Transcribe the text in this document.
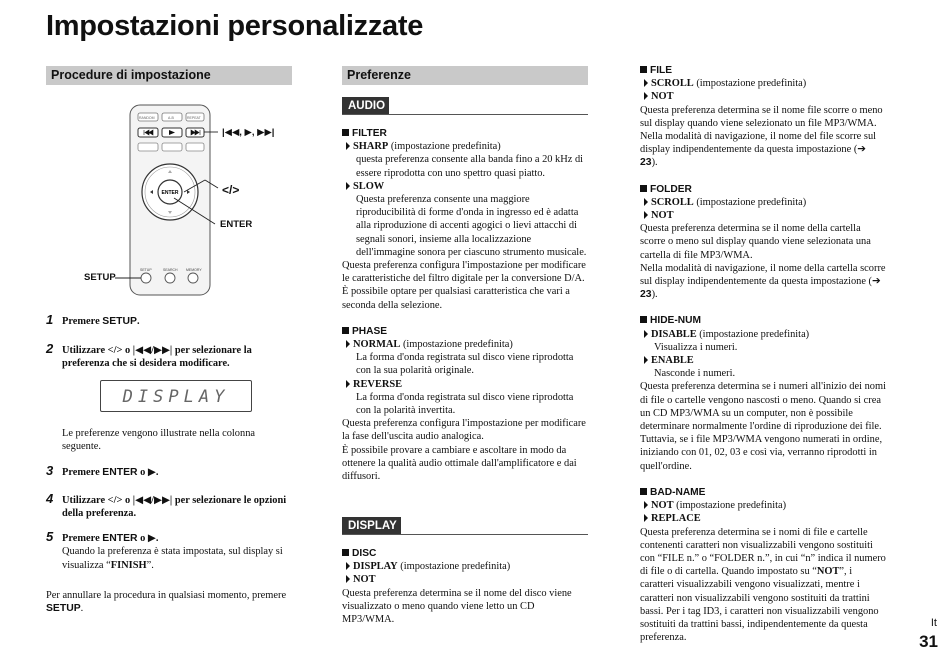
Impostazioni personalizzate
Procedure di impostazione
RANDOM	A-B	REPEAT
ENTER
SETUP	SEARCH MEMORY
|◀◀, ▶, ▶▶|
</>
ENTER
SETUP
1 Premere SETUP.
2 Utilizzare </> o |◀◀/▶▶| per selezionare la preferenza che si desidera modificare.
DISPLAY
Le preferenze vengono illustrate nella colonna seguente.
3 Premere ENTER o ▶.
4 Utilizzare </> o |◀◀/▶▶| per selezionare le opzioni della preferenza.
5 Premere ENTER o ▶.
Quando la preferenza è stata impostata, sul display si visualizza “FINISH”.
Per annullare la procedura in qualsiasi momento, premere SETUP.
Preferenze
AUDIO
FILTER
SHARP (impostazione predefinita)

questa preferenza consente alla banda fino a 20 kHz di essere riprodotta con uno spettro quasi piatto.

SLOW

Questa preferenza consente una maggiore riproducibilità di forme d'onda in ingresso ed è adatta alla riproduzione di accenti agogici o lievi attacchi di segnali sonori, insieme alla localizzazione dell'immagine sonora per ciascuno strumento musicale.

Questa preferenza configura l'impostazione per modificare le caratteristiche del filtro digitale per la conversione D/A. È possibile optare per qualsiasi caratteristica che vari a seconda della selezione.

PHASE
NORMAL (impostazione predefinita)

La forma d'onda registrata sul disco viene riprodotta con la sua polarità originale.

REVERSE

La forma d'onda registrata sul disco viene riprodotta con la polarità invertita.

Questa preferenza configura l'impostazione per modificare la fase dell'uscita audio analogica.

È possibile provare a cambiare e ascoltare in modo da ottenere la qualità audio ottimale dall'amplificatore e dai diffusori.

DISPLAY
DISC
DISPLAY (impostazione predefinita)
NOT

Questa preferenza determina se il nome del disco viene visualizzato o meno quando viene letto un CD MP3/WMA.

FILE
SCROLL (impostazione predefinita)
NOT

Questa preferenza determina se il nome file scorre o meno sul display quando viene selezionato un file MP3/WMA.

Nella modalità di navigazione, il nome del file scorre sul display indipendentemente da questa impostazione (➔ 23).

FOLDER
SCROLL (impostazione predefinita)
NOT

Questa preferenza determina se il nome della cartella scorre o meno sul display quando viene selezionata una cartella di file MP3/WMA.

Nella modalità di navigazione, il nome della cartella scorre sul display indipendentemente da questa impostazione (➔ 23).

HIDE-NUM
DISABLE (impostazione predefinita)

Visualizza i numeri.

ENABLE

Nasconde i numeri.

Questa preferenza determina se i numeri all'inizio dei nomi di file o cartelle vengono nascosti o meno. Quando si crea un CD MP3/WMA su un computer, non è possibile determinare normalmente l'ordine di riproduzione dei file. Tuttavia, se i file MP3/WMA vengono numerati in ordine, iniziando con 01, 02, 03 e così via, verranno riprodotti in quell'ordine.

BAD-NAME
NOT (impostazione predefinita)
REPLACE

Questa preferenza determina se i nomi di file e cartelle contenenti caratteri non visualizzabili vengono sostituiti con “FILE n.” o “FOLDER n.”, in cui “n” indica il numero di file o di cartella. Quando impostato su “NOT”, i caratteri visualizzabili vengono visualizzati, mentre i caratteri non visualizzabili vengono sostituiti da trattini bassi. Per i tag ID3, i caratteri non visualizzabili vengono sostituiti da trattini bassi, indipendentemente da questa preferenza.

It
31
